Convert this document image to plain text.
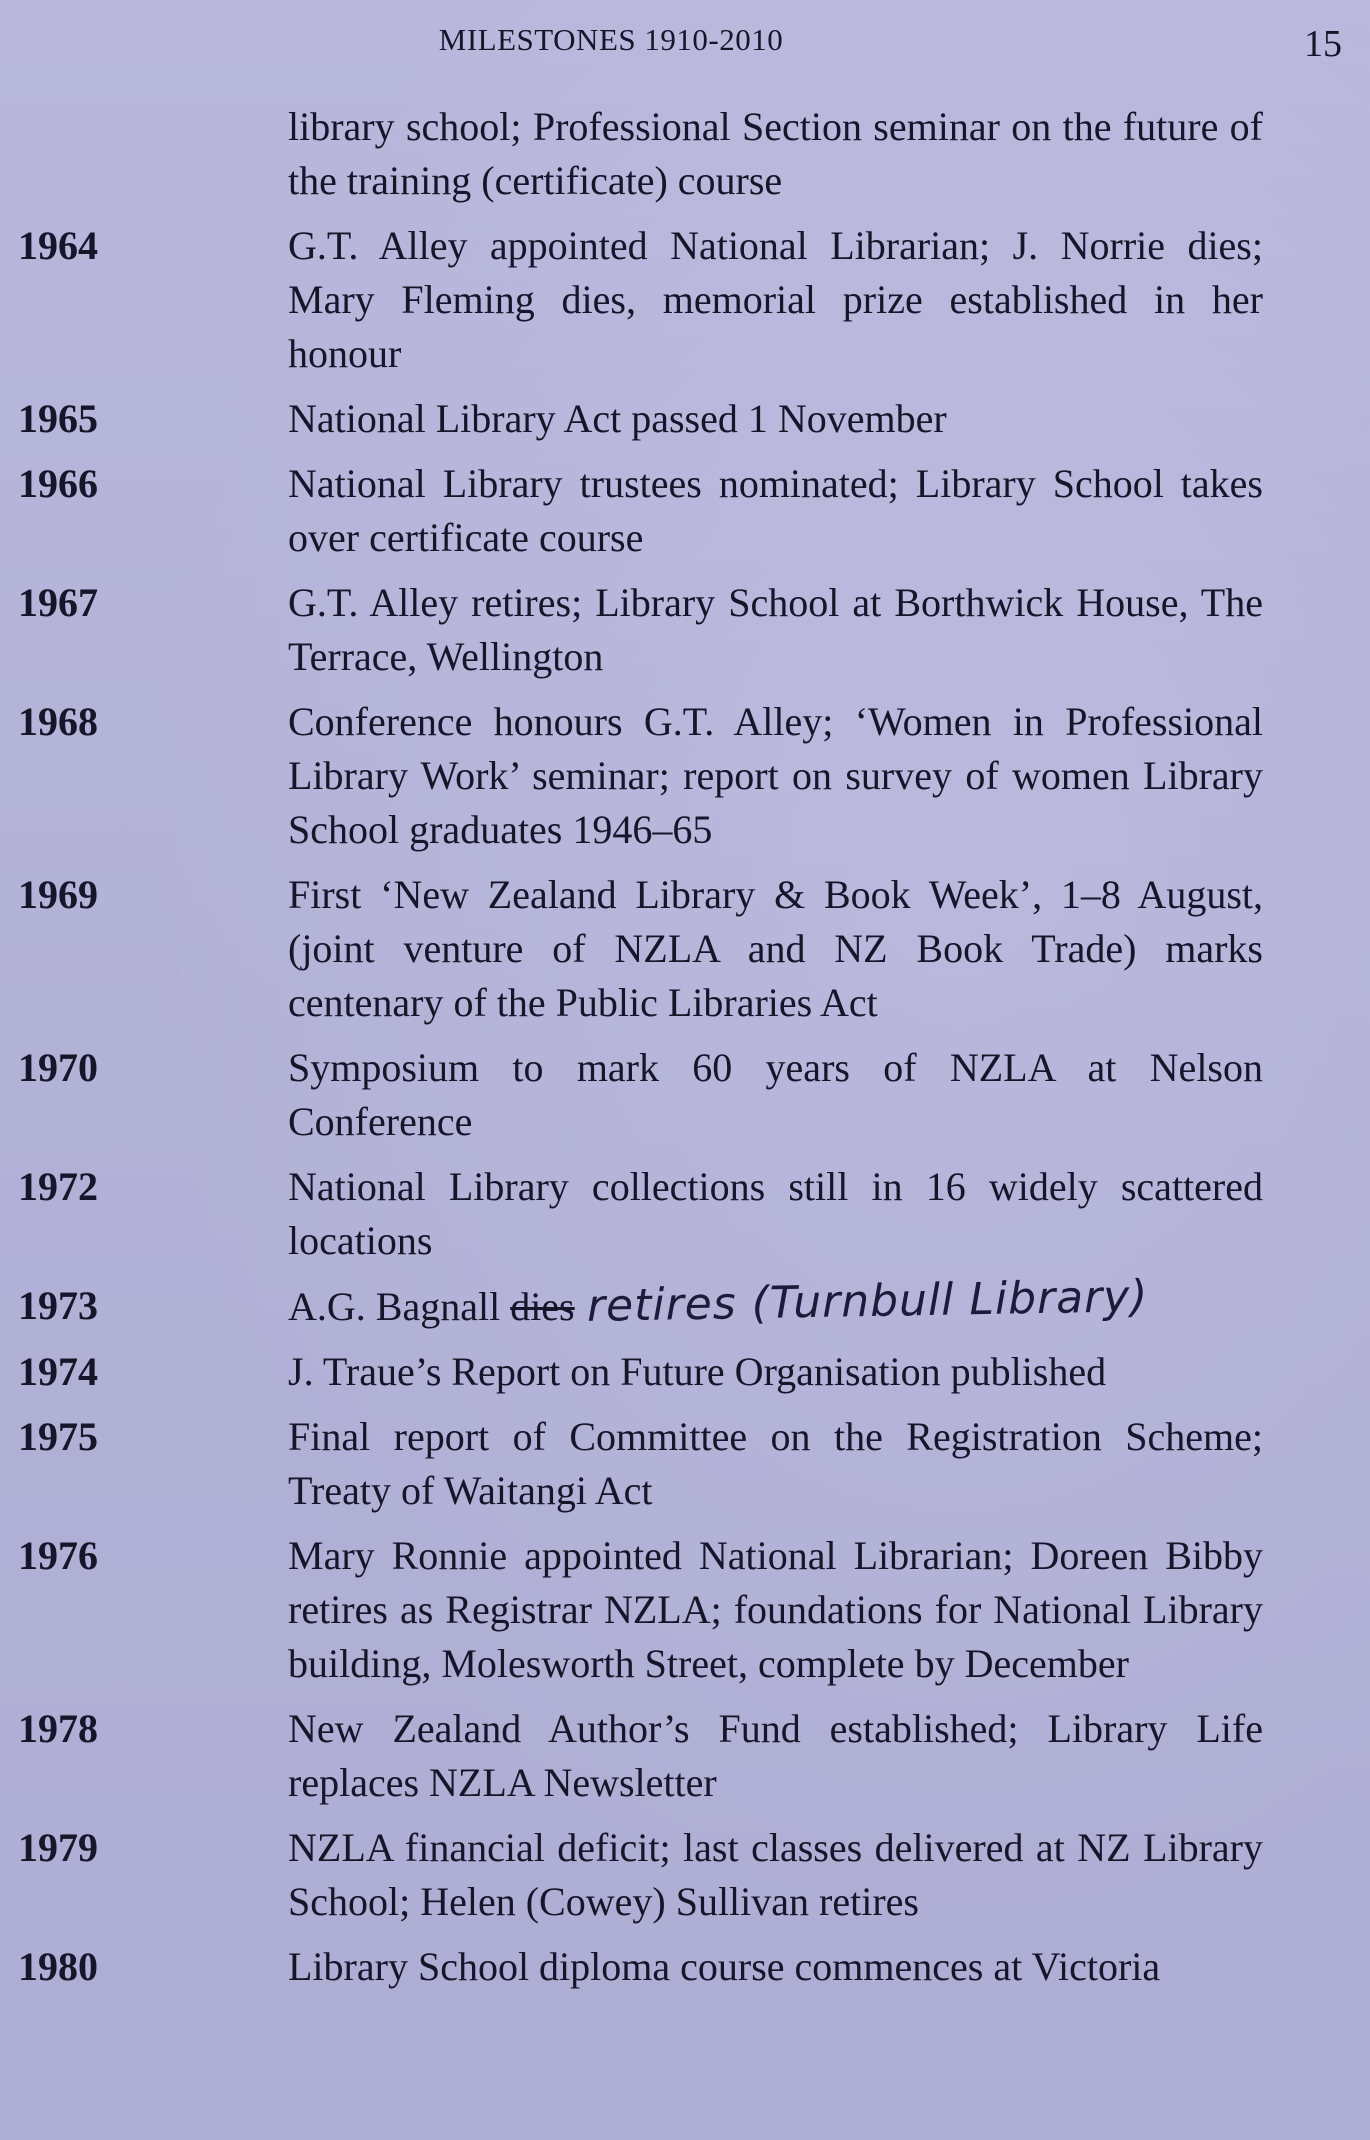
MILESTONES 1910-2010	15
library school; Professional Section seminar on the future of the training (certificate) course
1964	G.T. Alley appointed National Librarian; J. Norrie dies; Mary Fleming dies, memorial prize established in her honour
1965	National Library Act passed 1 November
1966	National Library trustees nominated; Library School takes over certificate course
1967	G.T. Alley retires; Library School at Borthwick House, The Terrace, Wellington
1968	Conference honours G.T. Alley; ‘Women in Professional Library Work’ seminar; report on survey of women Library School graduates 1946–65
1969	First ‘New Zealand Library & Book Week’, 1–8 August, (joint venture of NZLA and NZ Book Trade) marks centenary of the Public Libraries Act
1970	Symposium to mark 60 years of NZLA at Nelson Conference
1972	National Library collections still in 16 widely scattered locations
1973	A.G. Bagnall dies retires (Turnbull Library)
1974	J. Traue’s Report on Future Organisation published
1975	Final report of Committee on the Registration Scheme; Treaty of Waitangi Act
1976	Mary Ronnie appointed National Librarian; Doreen Bibby retires as Registrar NZLA; foundations for National Library building, Molesworth Street, complete by December
1978	New Zealand Author’s Fund established; Library Life replaces NZLA Newsletter
1979	NZLA financial deficit; last classes delivered at NZ Library School; Helen (Cowey) Sullivan retires
1980	Library School diploma course commences at Victoria
